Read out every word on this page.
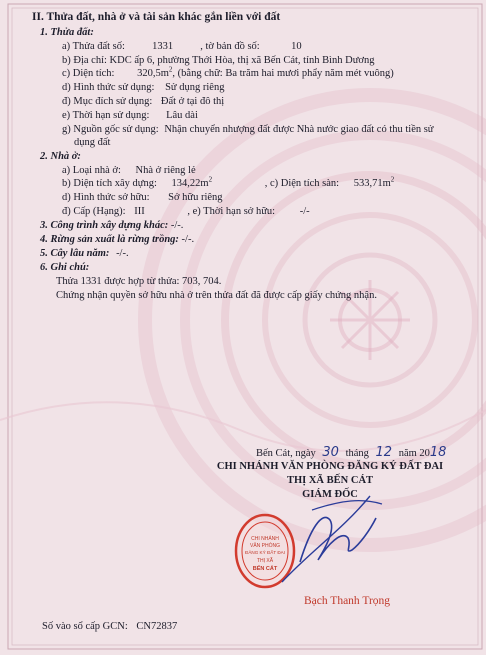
II. Thửa đất, nhà ở và tài sản khác gắn liền với đất
1. Thửa đất:
a) Thửa đất số:	1331	, tờ bản đồ số:	10
b) Địa chỉ: KDC ấp 6, phường Thới Hòa, thị xã Bến Cát, tỉnh Bình Dương
c) Diện tích: $320,5m^2$, (bằng chữ: Ba trăm hai mươi phẩy năm mét vuông)
d) Hình thức sử dụng: Sử dụng riêng
đ) Mục đích sử dụng: Đất ở tại đô thị
e) Thời hạn sử dụng: Lâu dài
g) Nguồn gốc sử dụng: Nhận chuyển nhượng đất được Nhà nước giao đất có thu tiền sử
dụng đất
2. Nhà ở:
a) Loại nhà ở: Nhà ở riêng lẻ
b) Diện tích xây dựng: $134,22m^2$	, c) Diện tích sàn: $533,71m^2$
d) Hình thức sở hữu: Sở hữu riêng
đ) Cấp (Hạng): III	, e) Thời hạn sở hữu: -/-
3. Công trình xây dựng khác: -/-.
4. Rừng sản xuất là rừng trồng: -/-.
5. Cây lâu năm: -/-.
6. Ghi chú:
Thửa 1331 được hợp từ thửa: 703, 704.
Chứng nhận quyền sở hữu nhà ở trên thửa đất đã được cấp giấy chứng nhận.
Bến Cát, ngày 30 tháng 12 năm 2018
CHI NHÁNH VĂN PHÒNG ĐĂNG KÝ ĐẤT ĐAI
THỊ XÃ BẾN CÁT
GIÁM ĐỐC
CHI NHÁNH
VĂN PHÒNG
ĐĂNG KÝ ĐẤT ĐAI
THỊ XÃ
BẾN CÁT
Bạch Thanh Trọng
Số vào sổ cấp GCN: CN72837
